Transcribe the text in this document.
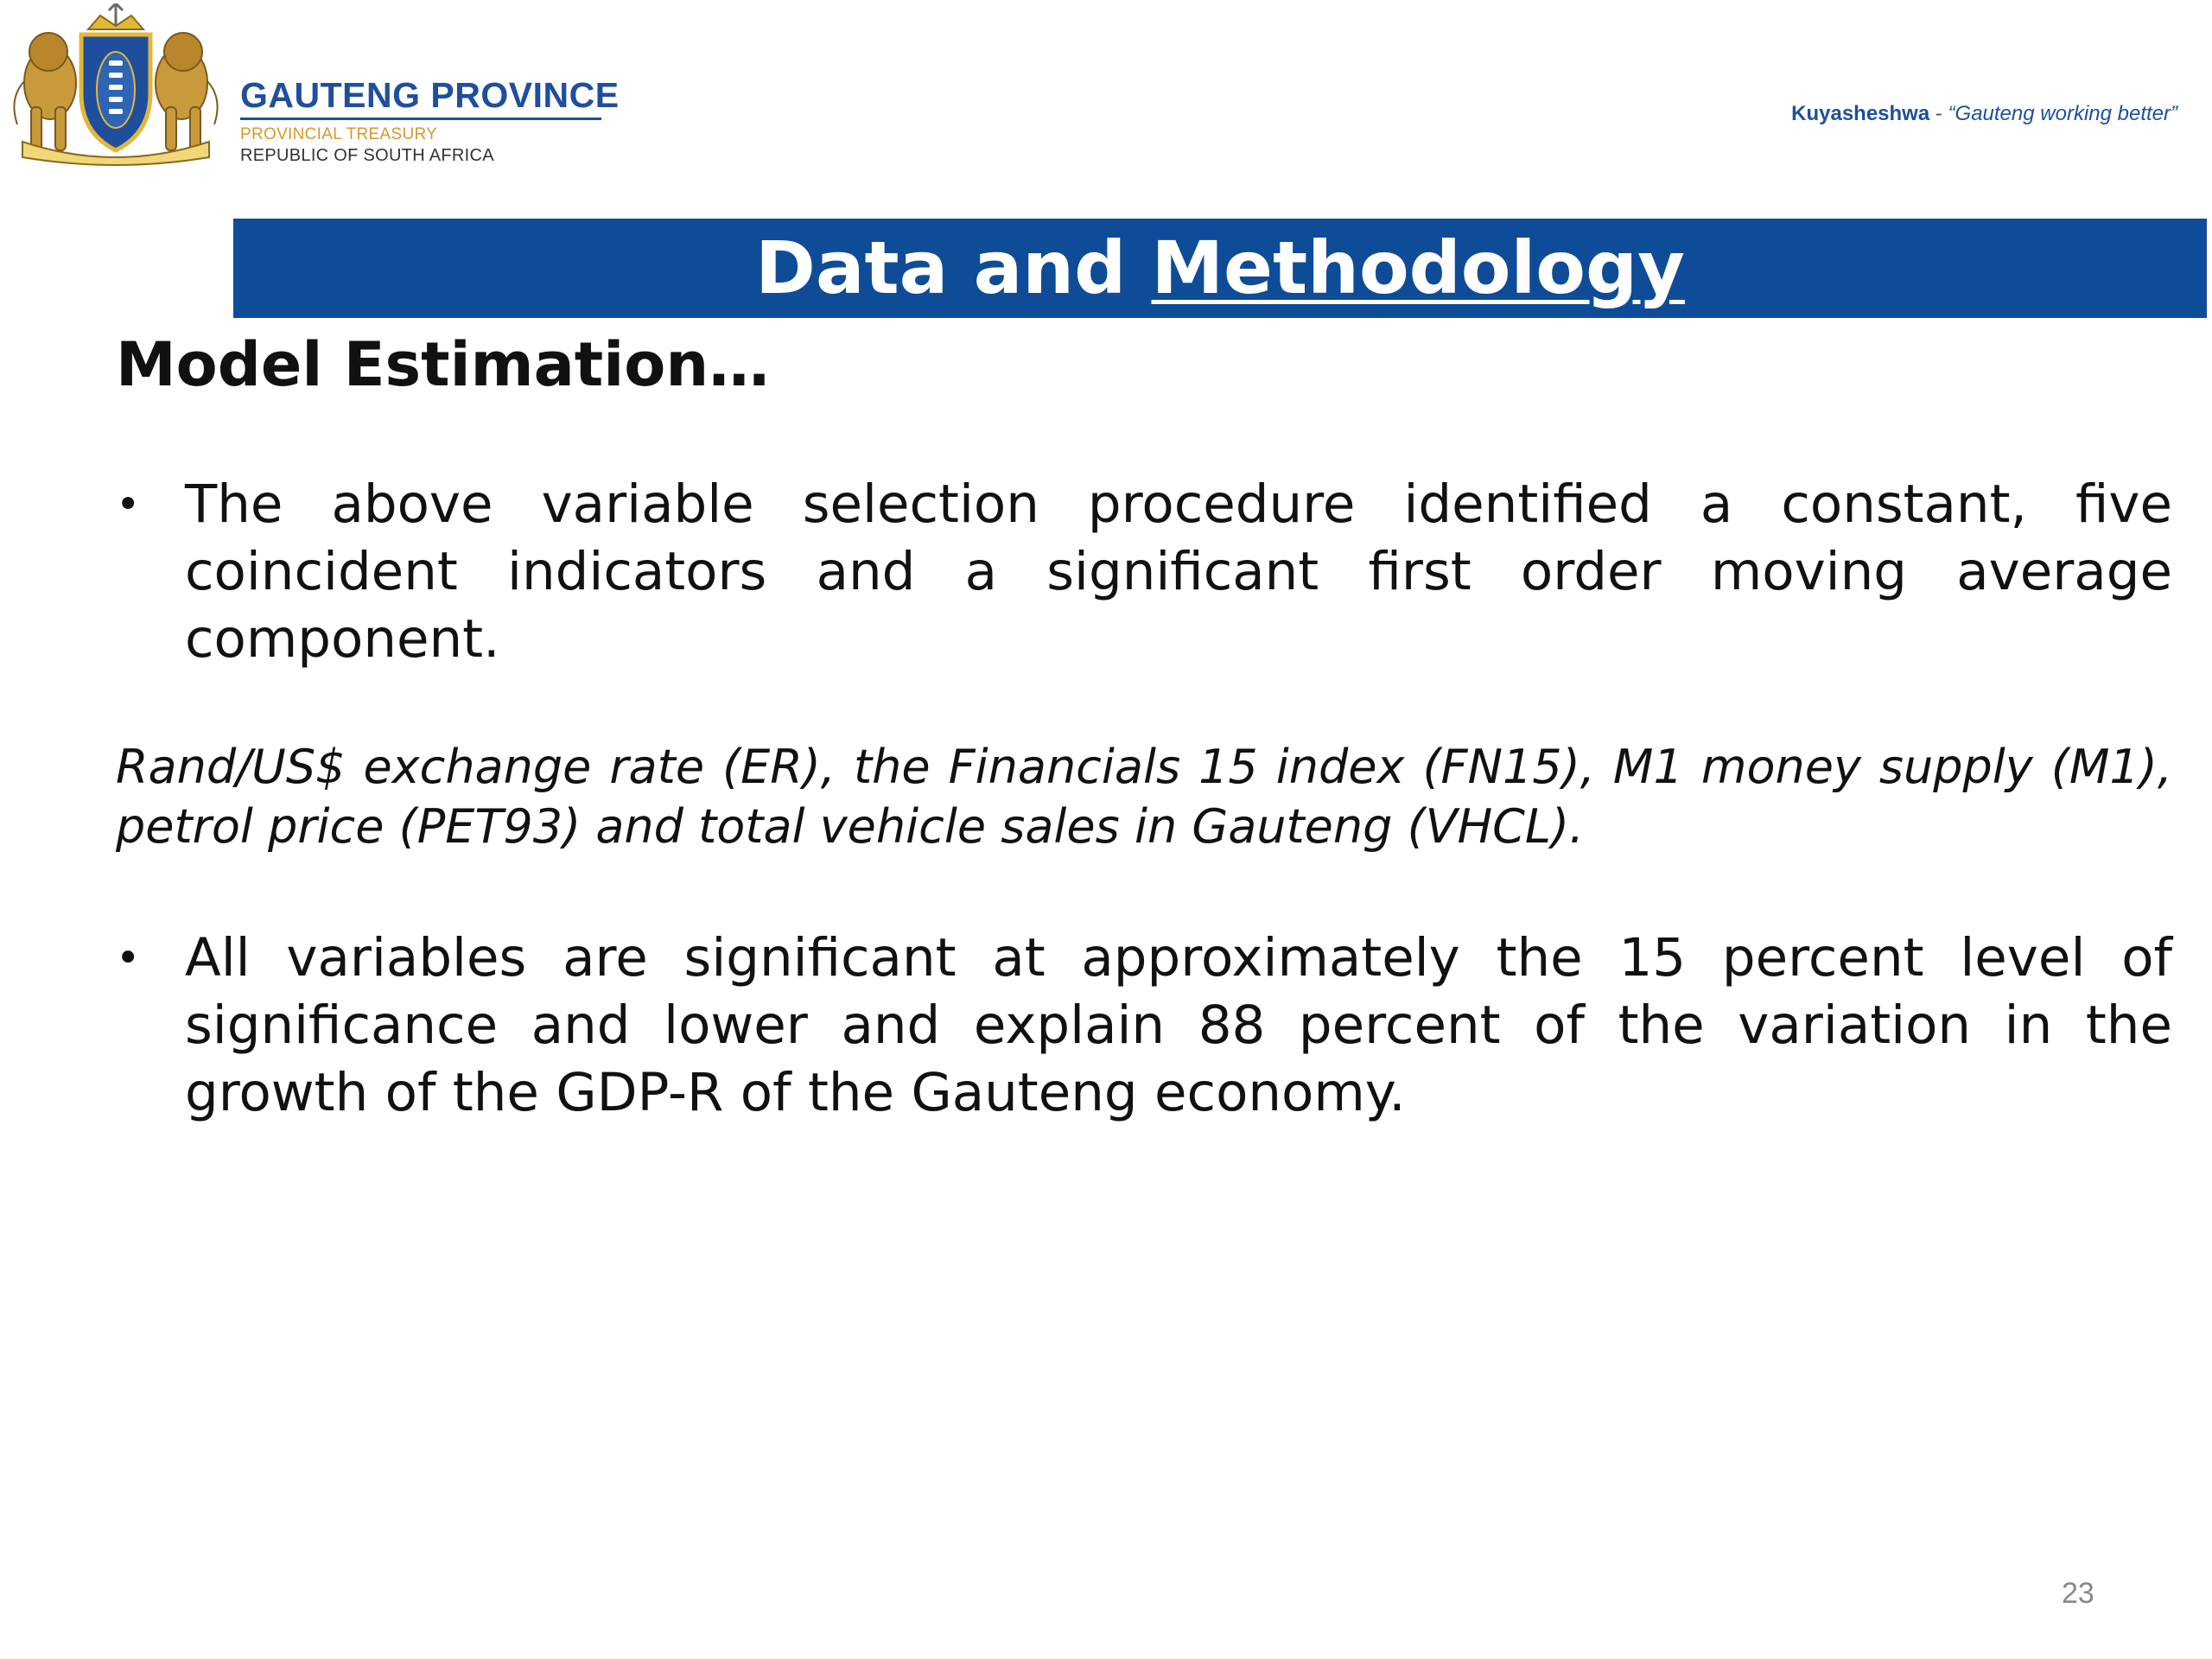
GAUTENG PROVINCE
PROVINCIAL TREASURY
REPUBLIC OF SOUTH AFRICA
Kuyasheshwa - “Gauteng working better”
Data and Methodology
Model Estimation…
• The above variable selection procedure identified a constant, five coincident indicators and a significant first order moving average component.
Rand/US$ exchange rate (ER), the Financials 15 index (FN15), M1 money supply (M1), petrol price (PET93) and total vehicle sales in Gauteng (VHCL).
• All variables are significant at approximately the 15 percent level of significance and lower and explain 88 percent of the variation in the growth of the GDP-R of the Gauteng economy.
23
